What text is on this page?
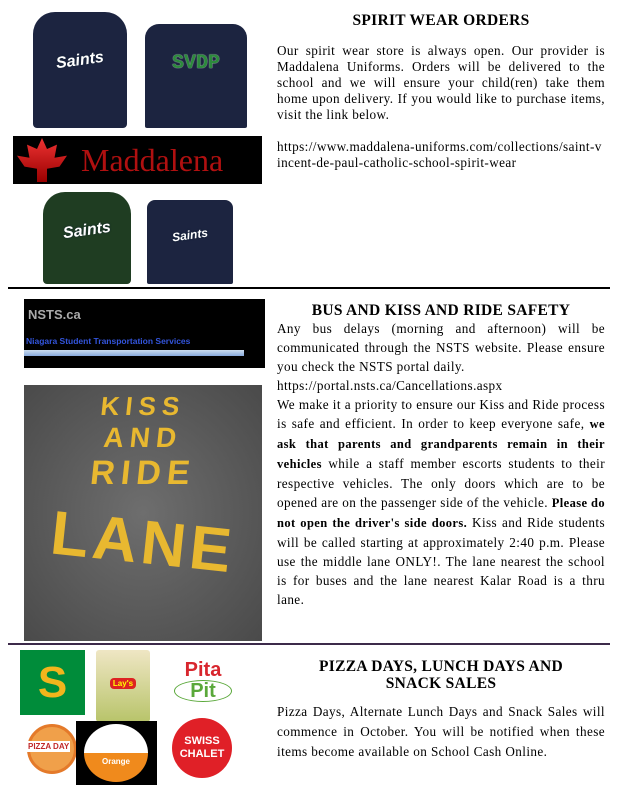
Saints	SVDP
Maddalena
Saints	Saints
SPIRIT WEAR ORDERS

Our spirit wear store is always open. Our provider is Maddalena Uniforms. Orders will be delivered to the school and we will ensure your child(ren) take them home upon delivery. If you would like to purchase items, visit the link below.

https://www.maddalena-uniforms.com/collections/saint-vincent-de-paul-catholic-school-spirit-wear

NSTS.ca
Niagara Student Transportation Services
KISS
AND
RIDE
LANE
BUS AND KISS AND RIDE SAFETY

Any bus delays (morning and afternoon) will be communicated through the NSTS website. Please ensure you check the NSTS portal daily.

https://portal.nsts.ca/Cancellations.aspx

We make it a priority to ensure our Kiss and Ride process is safe and efficient. In order to keep everyone safe, we ask that parents and grandparents remain in their vehicles while a staff member escorts students to their respective vehicles. The only doors which are to be opened are on the passenger side of the vehicle. Please do not open the driver's side doors. Kiss and Ride students will be called starting at approximately 2:40 p.m. Please use the middle lane ONLY!. The lane nearest the school is for buses and the lane nearest Kalar Road is a thru lane.

S	Lay's
Pita
Pit
PIZZA DAY
Orange
SWISS
CHALET
PIZZA DAYS, LUNCH DAYS AND SNACK SALES

Pizza Days, Alternate Lunch Days and Snack Sales will commence in October. You will be notified when these items become available on School Cash Online.
